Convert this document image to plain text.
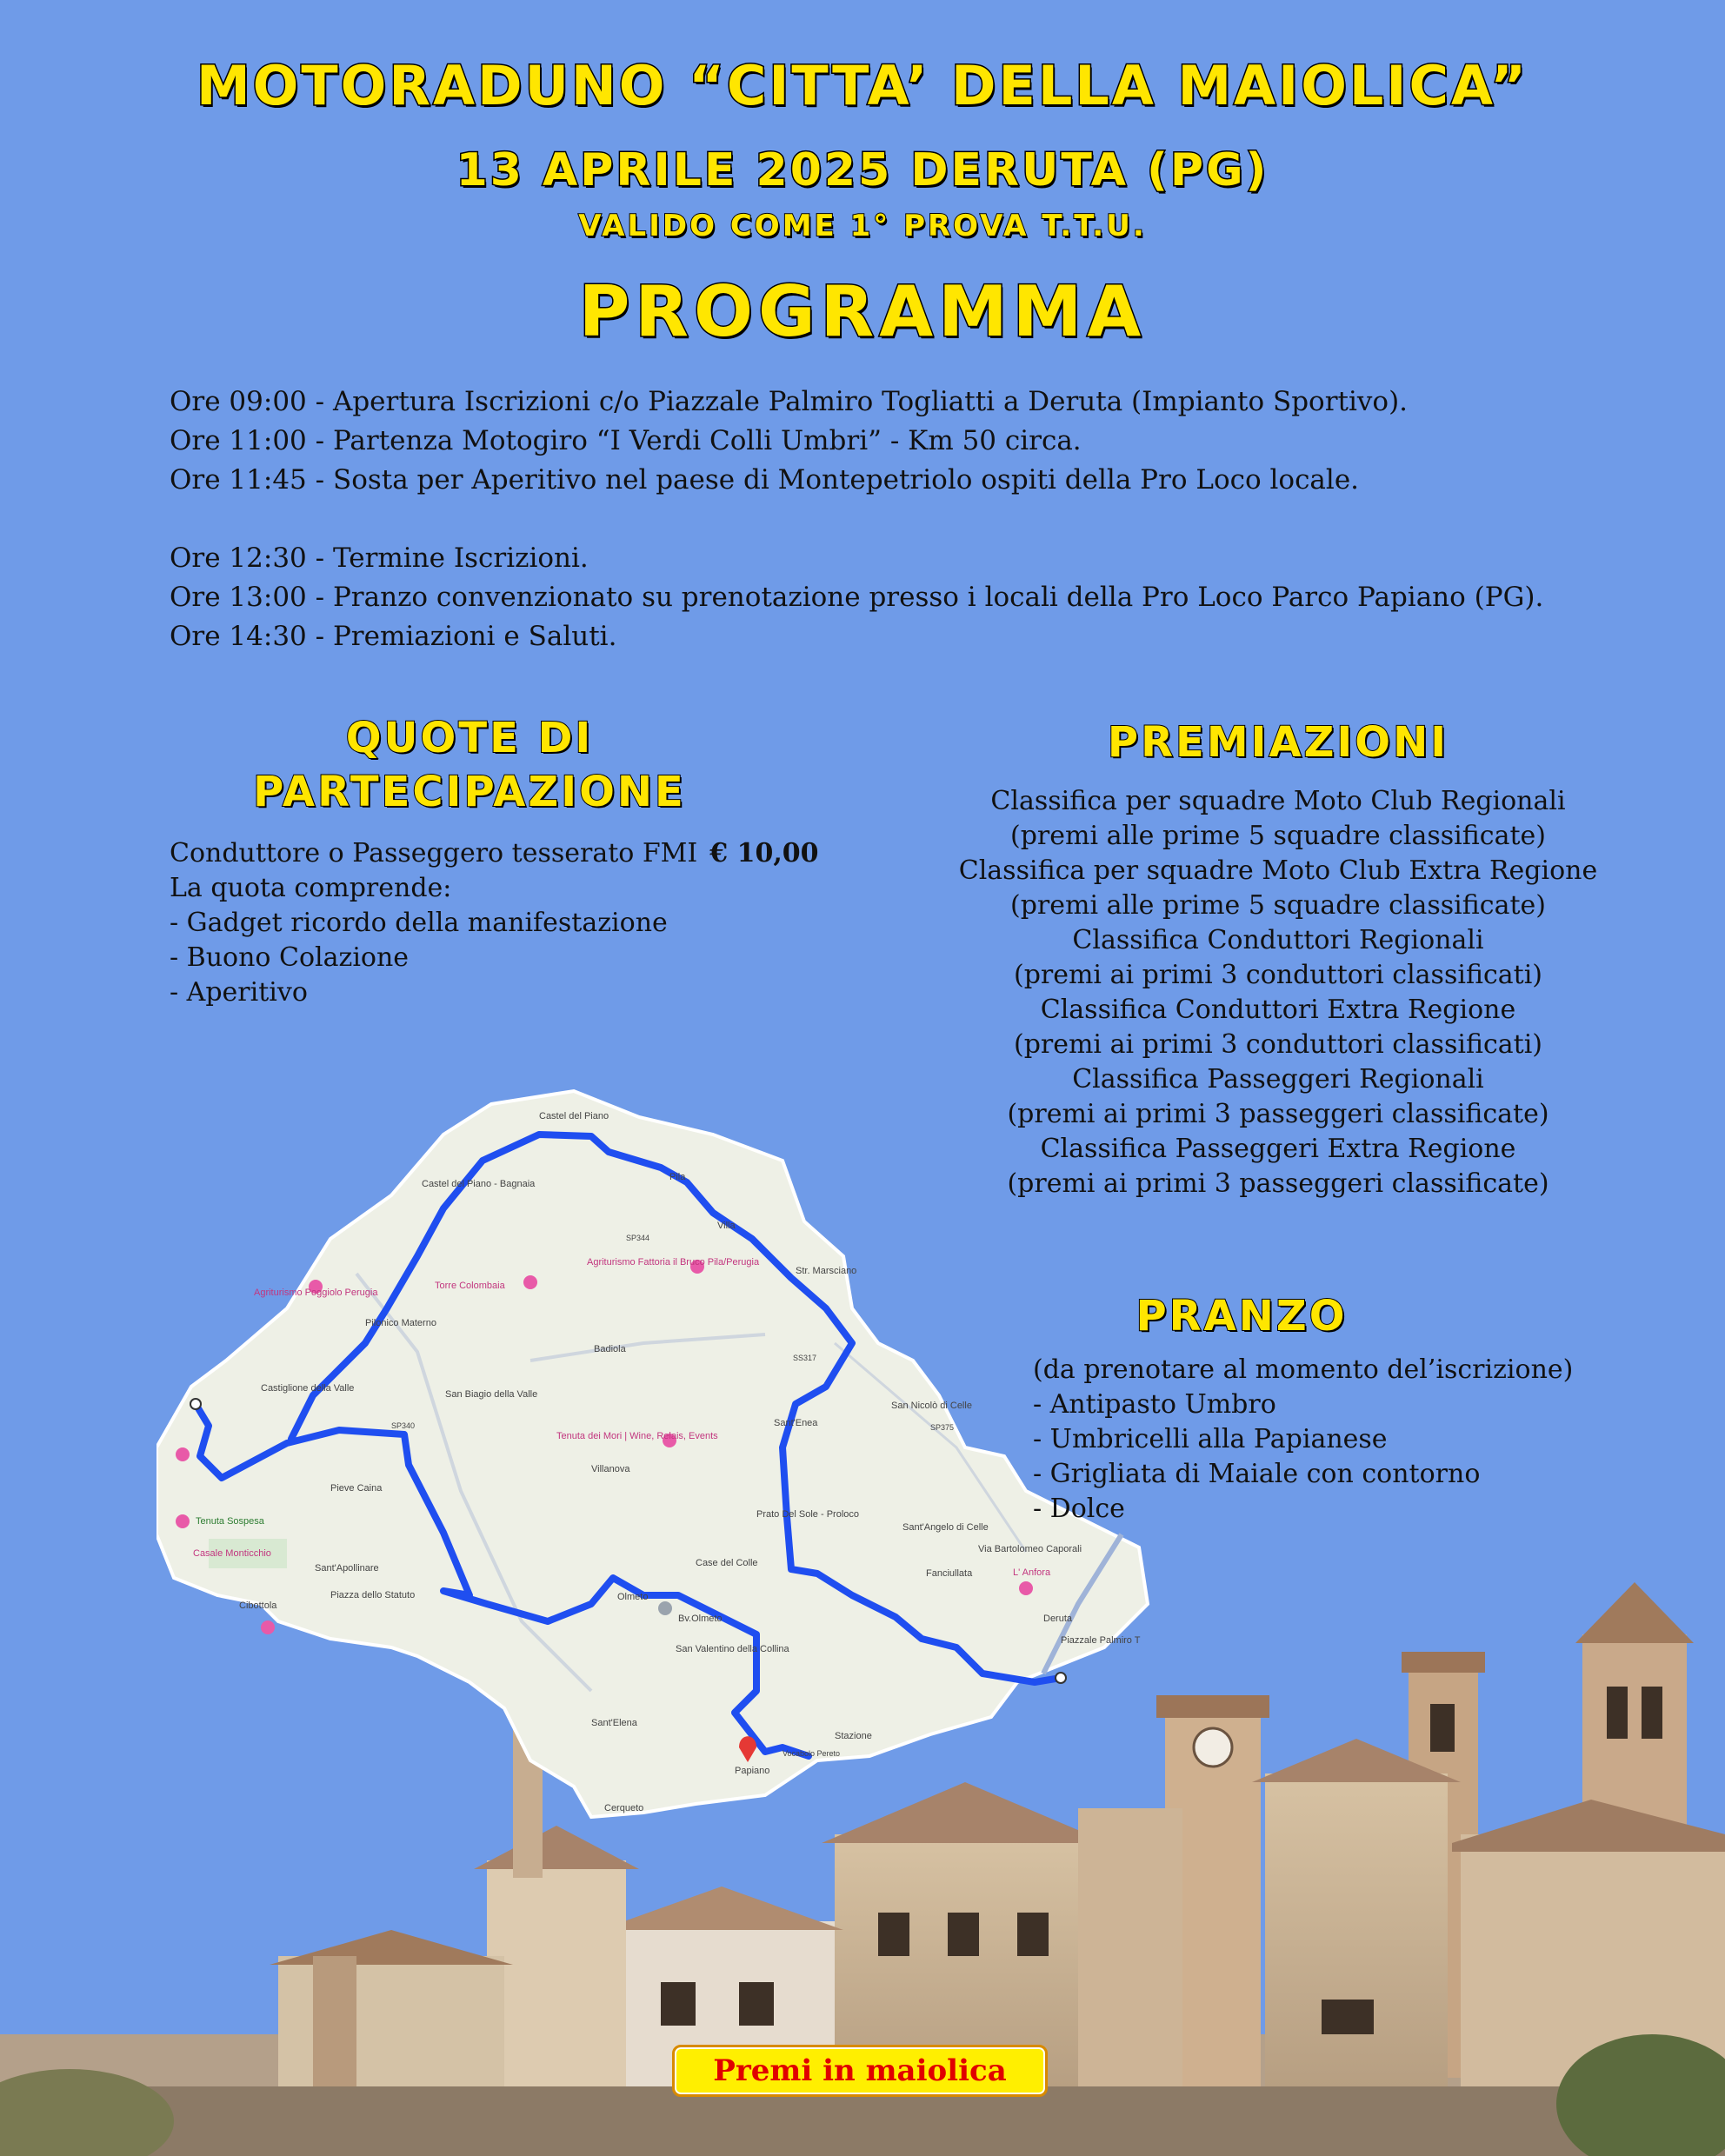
MOTORADUNO “CITTA’ DELLA MAIOLICA”
13 APRILE 2025 DERUTA (PG)
VALIDO COME 1° PROVA T.T.U.
PROGRAMMA
Ore 09:00 - Apertura Iscrizioni c/o Piazzale Palmiro Togliatti a Deruta (Impianto Sportivo).
Ore 11:00 - Partenza Motogiro “I Verdi Colli Umbri” - Km 50 circa.
Ore 11:45 - Sosta per Aperitivo nel paese di Montepetriolo ospiti della Pro Loco locale.
Ore 12:30 - Termine Iscrizioni.
Ore 13:00 - Pranzo convenzionato su prenotazione presso i locali della Pro Loco Parco Papiano (PG).
Ore 14:30 - Premiazioni e Saluti.
QUOTE DI
PARTECIPAZIONE
Conduttore o Passeggero tesserato FMI € 10,00
La quota comprende:
- Gadget ricordo della manifestazione
- Buono Colazione
- Aperitivo
PREMIAZIONI
Classifica per squadre Moto Club Regionali
(premi alle prime 5 squadre classificate)
Classifica per squadre Moto Club Extra Regione
(premi alle prime 5 squadre classificate)
Classifica Conduttori Regionali
(premi ai primi 3 conduttori classificati)
Classifica Conduttori Extra Regione
(premi ai primi 3 conduttori classificati)
Classifica Passeggeri Regionali
(premi ai primi 3 passeggeri classificate)
Classifica Passeggeri Extra Regione
(premi ai primi 3 passeggeri classificate)
Castel del Piano
Pila
Villa
Str. Marsciano
Sant'Enea
Badiola
Castel del Piano - Bagnaia
Pilonico Materno
Torre Colombaia
Agriturismo Fattoria il Bruco Pila/Perugia
Agriturismo Poggiolo Perugia
Castiglione della Valle
San Biagio della Valle
Villanova
Tenuta dei Mori | Wine, Relais, Events
Pieve Caina
Tenuta Sospesa
Casale Monticchio
Sant'Apollinare
Cibottola
Piazza dello Statuto	Olmeto
Bv.Olmeto
Case del Colle
San Valentino della Collina
Prato Del Sole - Proloco
Sant'Angelo di Celle
San Nicolò di Celle
Fanciullata
Via Bartolomeo Caporali
L' Anfora
Deruta
Piazzale Palmiro T
Sant'Elena
Stazione
Papiano
Cerqueto
Vocabolo Pereto
SP344
SS317
SP340	SP375
PRANZO
(da prenotare al momento del’iscrizione)
- Antipasto Umbro
- Umbricelli alla Papianese
- Grigliata di Maiale con contorno
- Dolce
Premi in maiolica
